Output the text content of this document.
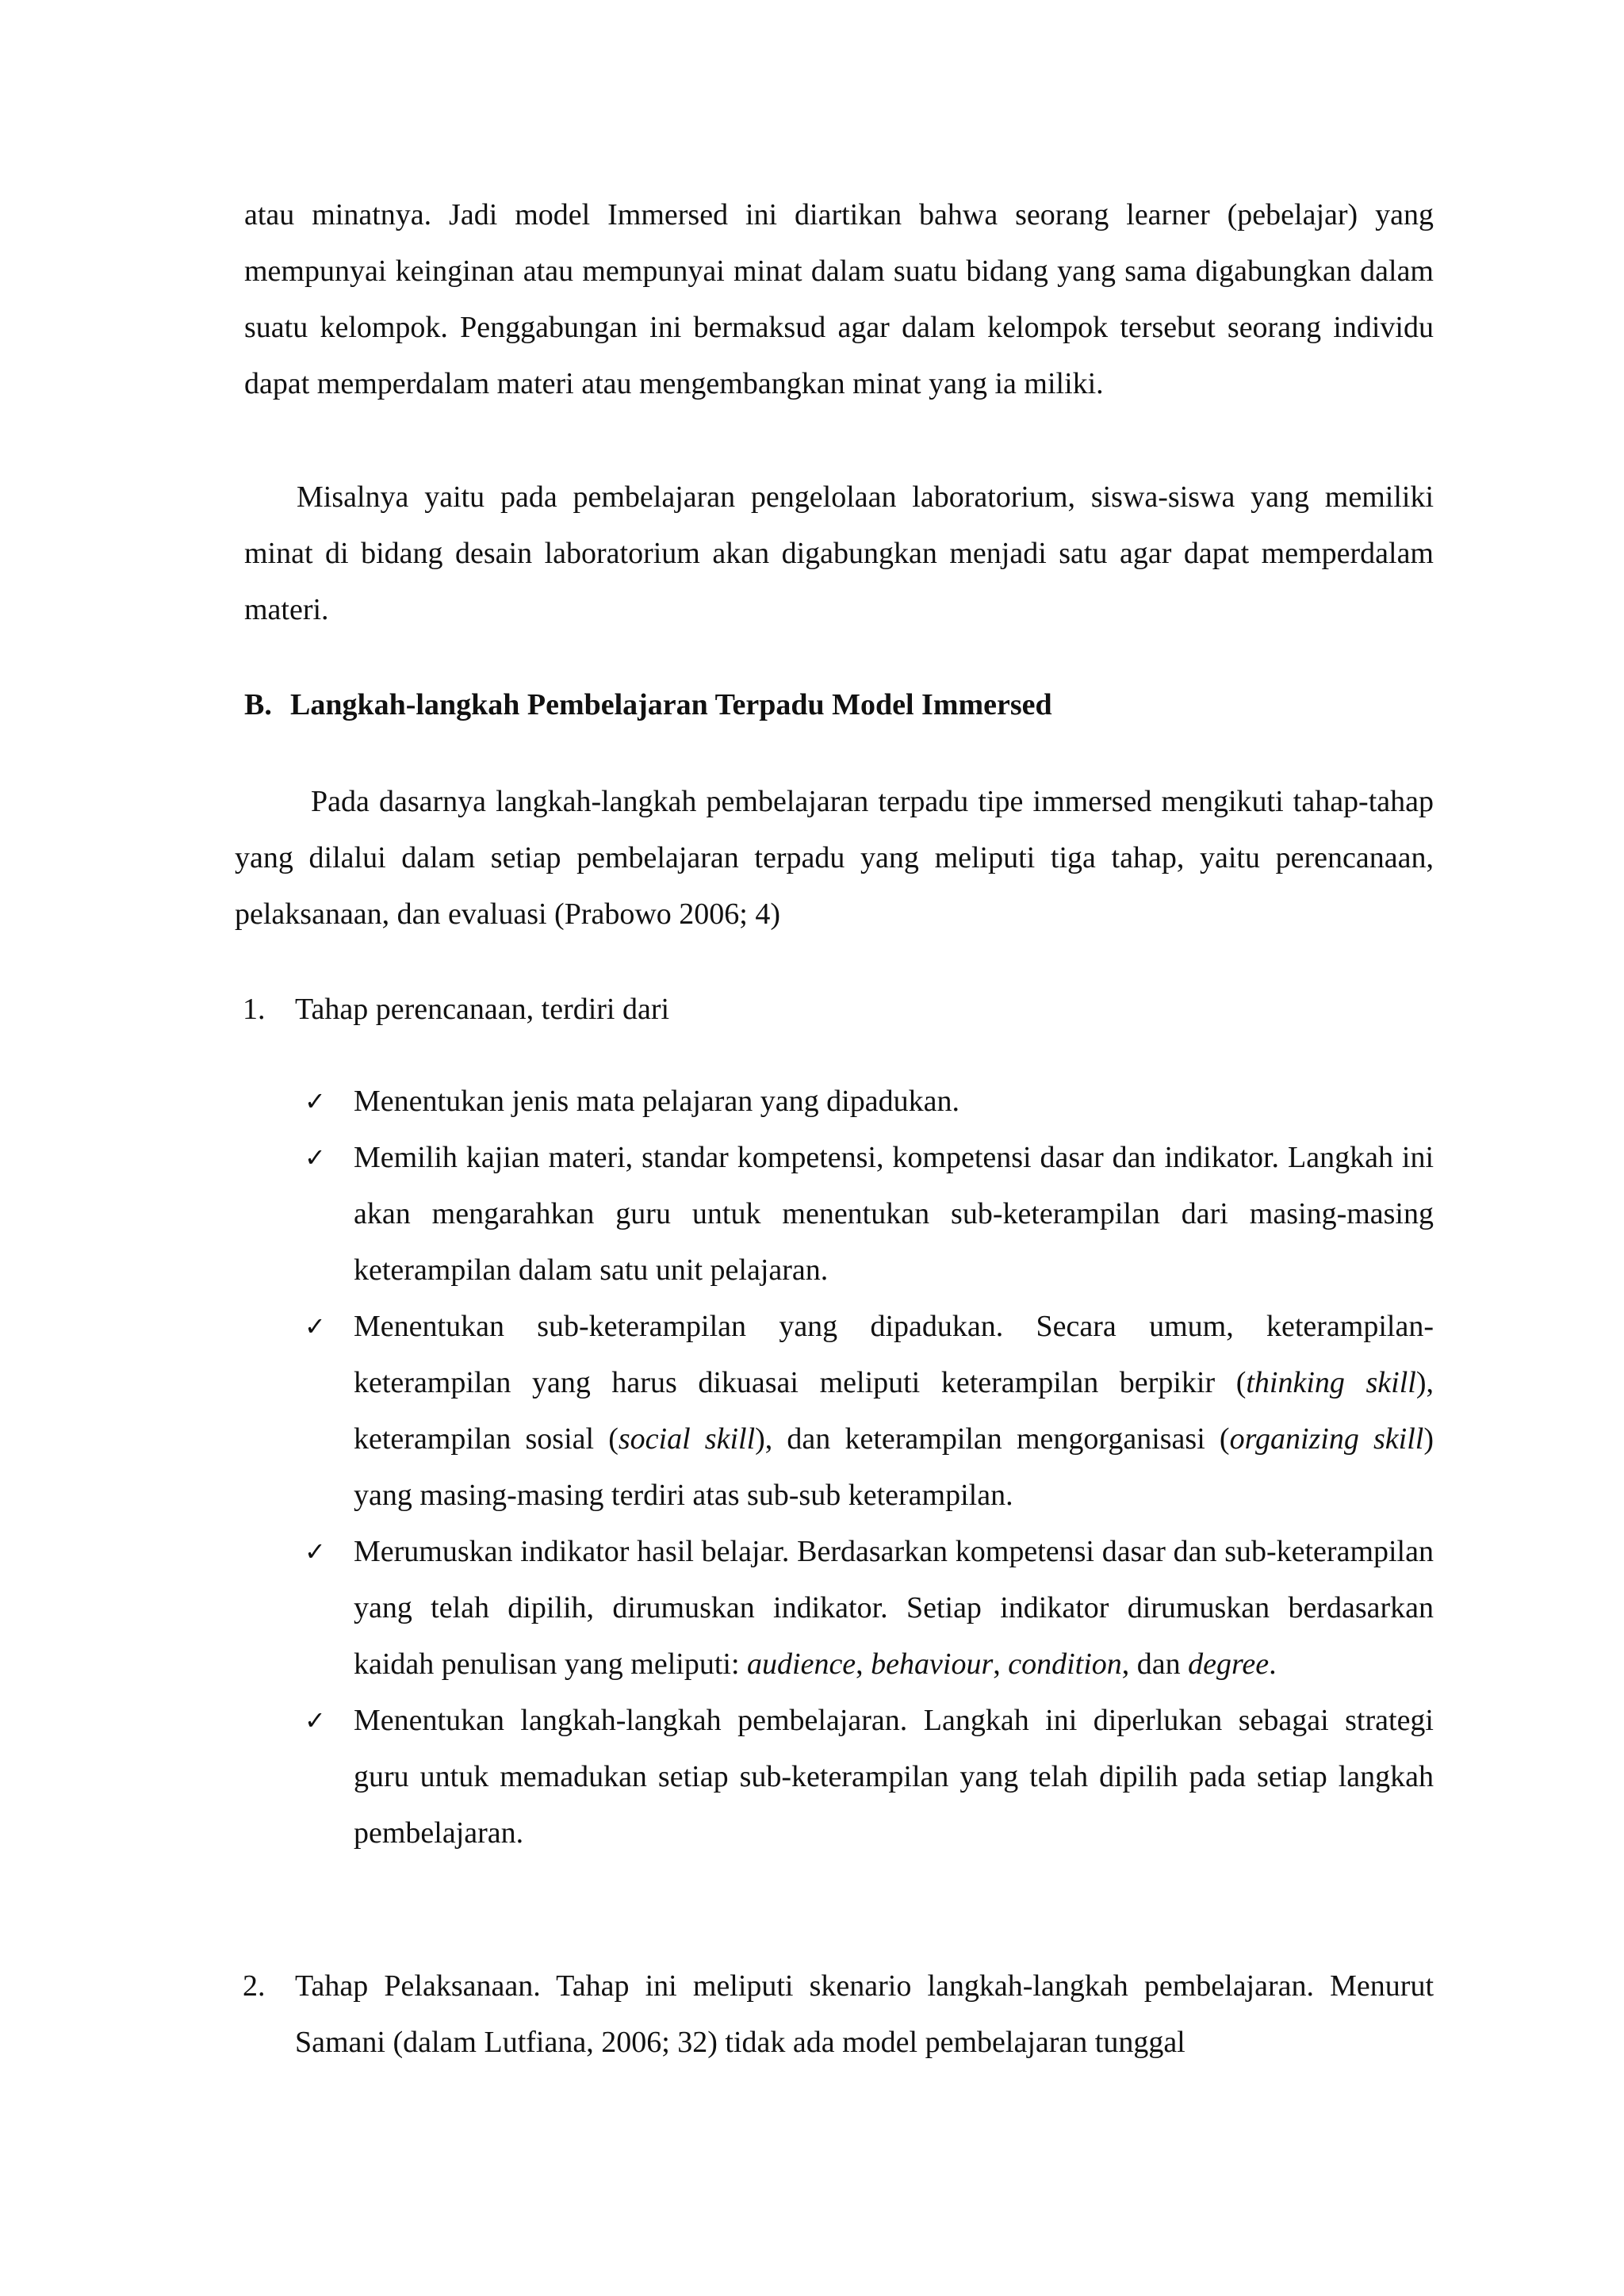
atau minatnya. Jadi model Immersed ini diartikan bahwa seorang learner (pebelajar) yang mempunyai keinginan atau mempunyai minat dalam suatu bidang yang sama digabungkan dalam suatu kelompok. Penggabungan ini bermaksud agar dalam kelompok tersebut seorang individu dapat memperdalam materi atau mengembangkan minat yang ia miliki.

Misalnya yaitu pada pembelajaran pengelolaan laboratorium, siswa-siswa yang memiliki minat di bidang desain laboratorium akan digabungkan menjadi satu agar dapat memperdalam materi.

B. Langkah-langkah Pembelajaran Terpadu Model Immersed

Pada dasarnya langkah-langkah pembelajaran terpadu tipe immersed mengikuti tahap-tahap yang dilalui dalam setiap pembelajaran terpadu yang meliputi tiga tahap, yaitu perencanaan, pelaksanaan, dan evaluasi (Prabowo 2006; 4)

1. Tahap perencanaan, terdiri dari
✓ Menentukan jenis mata pelajaran yang dipadukan.
✓ Memilih kajian materi, standar kompetensi, kompetensi dasar dan indikator. Langkah ini akan mengarahkan guru untuk menentukan sub-keterampilan dari masing-masing keterampilan dalam satu unit pelajaran.
✓ Menentukan sub-keterampilan yang dipadukan. Secara umum, keterampilan-keterampilan yang harus dikuasai meliputi keterampilan berpikir (thinking skill), keterampilan sosial (social skill), dan keterampilan mengorganisasi (organizing skill) yang masing-masing terdiri atas sub-sub keterampilan.
✓ Merumuskan indikator hasil belajar. Berdasarkan kompetensi dasar dan sub-keterampilan yang telah dipilih, dirumuskan indikator. Setiap indikator dirumuskan berdasarkan kaidah penulisan yang meliputi: audience, behaviour, condition, dan degree.
✓ Menentukan langkah-langkah pembelajaran. Langkah ini diperlukan sebagai strategi guru untuk memadukan setiap sub-keterampilan yang telah dipilih pada setiap langkah pembelajaran.
2. Tahap Pelaksanaan. Tahap ini meliputi skenario langkah-langkah pembelajaran. Menurut Samani (dalam Lutfiana, 2006; 32) tidak ada model pembelajaran tunggal
